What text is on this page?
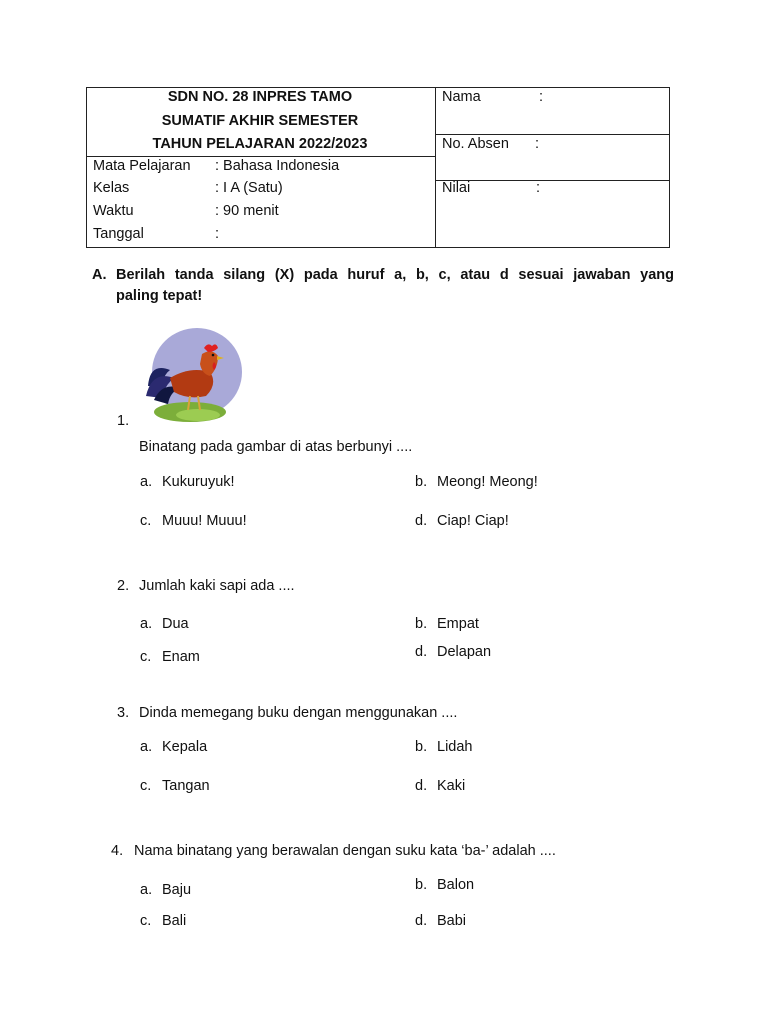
SDN NO. 28 INPRES TAMO
SUMATIF AKHIR SEMESTER
TAHUN PELAJARAN 2022/2023
Mata Pelajaran : Bahasa Indonesia
Kelas	: I A (Satu)
Waktu	: 90 menit
Tanggal	:
Nama	:
No. Absen :
Nilai	:
A. Berilah tanda silang (X) pada huruf a, b, c, atau d sesuai jawaban yang
paling tepat!
1.
Binatang pada gambar di atas berbunyi ....
a. Kukuruyuk!	b. Meong! Meong!
c. Muuu! Muuu!	d. Ciap! Ciap!
2. Jumlah kaki sapi ada ....
a. Dua	b. Empat
c. Enam	d. Delapan
3. Dinda memegang buku dengan menggunakan ....
a. Kepala	b. Lidah
c. Tangan	d. Kaki
4. Nama binatang yang berawalan dengan suku kata ‘ba-’ adalah ....
a. Baju	b. Balon
c. Bali	d. Babi
